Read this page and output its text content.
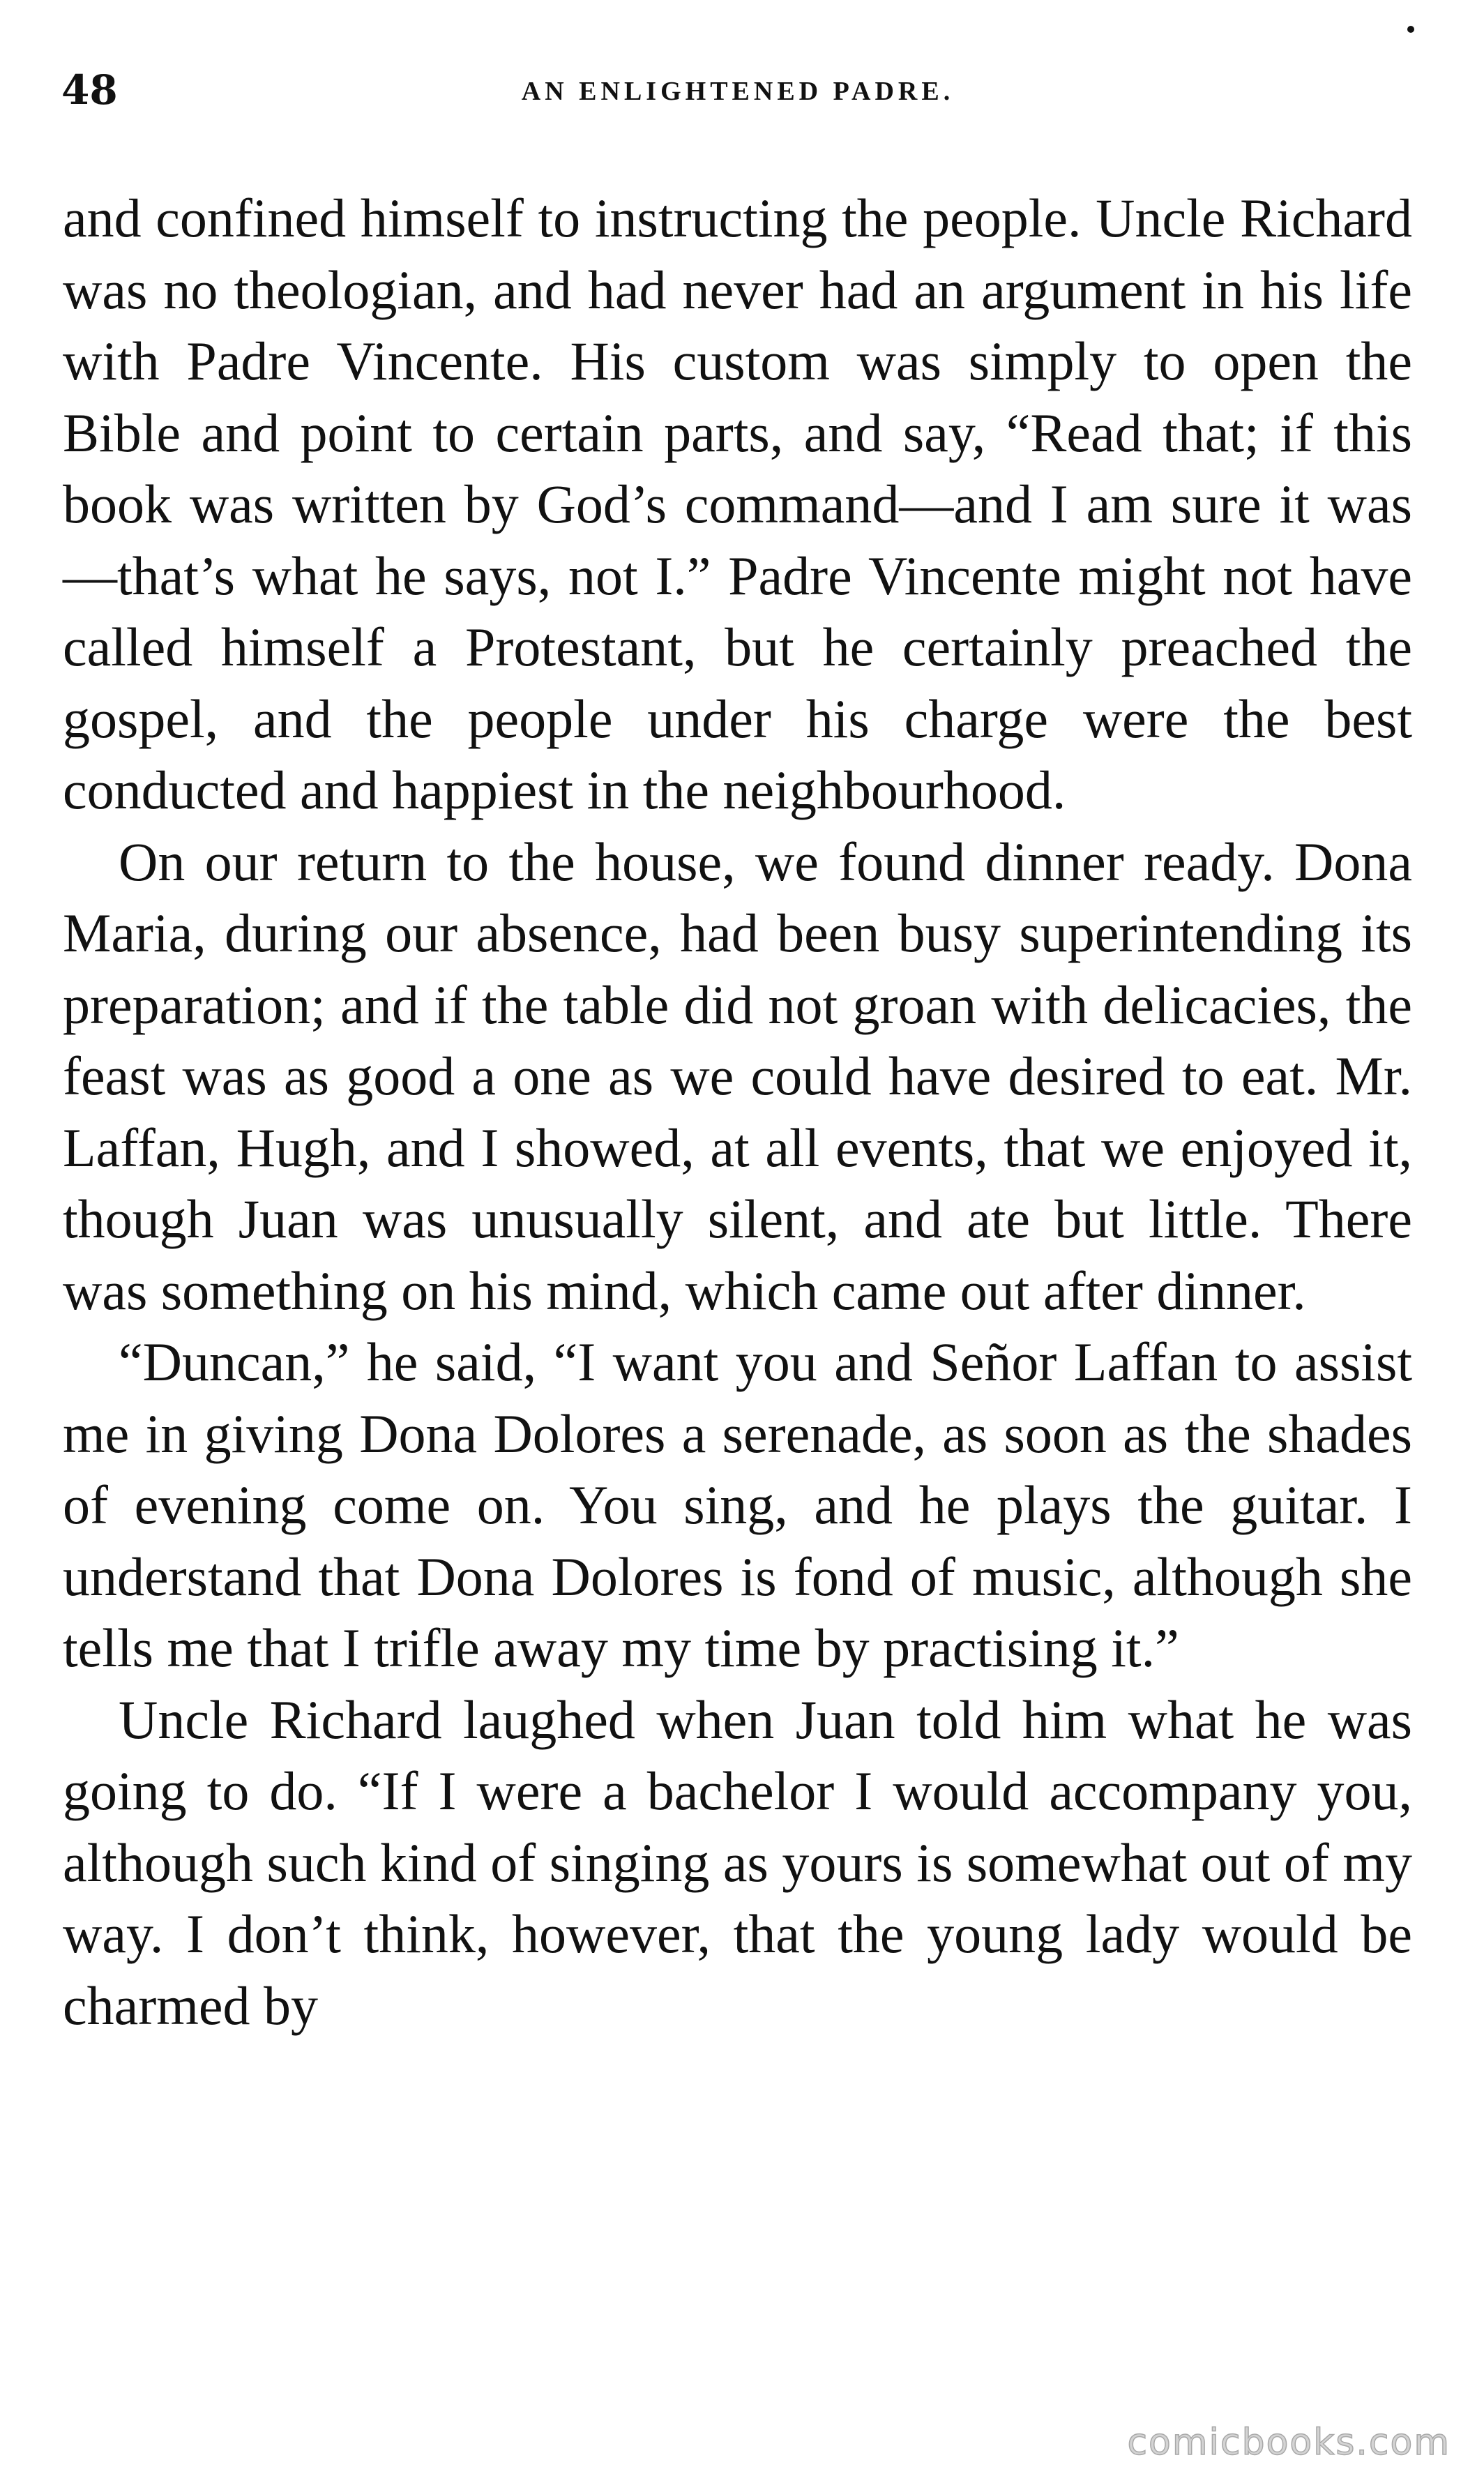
48	AN ENLIGHTENED PADRE.

and confined himself to instructing the people. Uncle Richard was no theologian, and had never had an argument in his life with Padre Vincente. His custom was simply to open the Bible and point to certain parts, and say, “Read that; if this book was written by God’s command—and I am sure it was—that’s what he says, not I.” Padre Vincente might not have called himself a Protestant, but he certainly preached the gospel, and the people under his charge were the best conducted and happiest in the neighbourhood.

On our return to the house, we found dinner ready. Dona Maria, during our absence, had been busy superintending its preparation; and if the table did not groan with delicacies, the feast was as good a one as we could have desired to eat. Mr. Laffan, Hugh, and I showed, at all events, that we enjoyed it, though Juan was unusually silent, and ate but little. There was something on his mind, which came out after dinner.

“Duncan,” he said, “I want you and Señor Laffan to assist me in giving Dona Dolores a serenade, as soon as the shades of evening come on. You sing, and he plays the guitar. I understand that Dona Dolores is fond of music, although she tells me that I trifle away my time by practising it.”

Uncle Richard laughed when Juan told him what he was going to do. “If I were a bachelor I would accompany you, although such kind of singing as yours is somewhat out of my way. I don’t think, however, that the young lady would be charmed by

comicbooks.com
